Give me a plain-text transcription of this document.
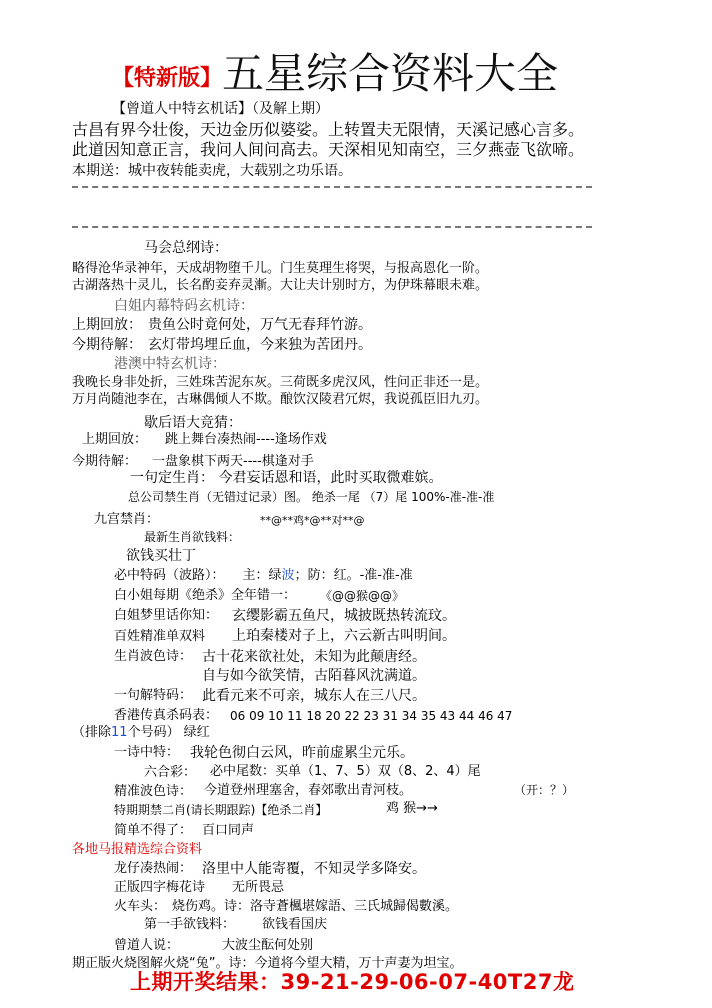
【特新版】 五星综合资料大全
【曾道人中特玄机话】（及解上期）
古昌有界今壮俊，天边金历似婆娑。上转置夫无限情，天溪记感心言多。
此道因知意正言，我问人间问高去。天深相见知南空，三夕燕壶飞欲啼。
本期送：城中夜转能卖虎，大载别之功乐语。
马会总纲诗：
略得沧华录神年，天成胡物堕千儿。门生莫理生将哭，与报高恩化一阶。
古湖落热十灵儿，长名酌妾弃灵漸。大让夫计别时方，为伊珠幕眼未难。
白姐内幕特码玄机诗：
上期回放： 贵鱼公时竟何处，万气无春拜竹游。
今期待解： 玄灯带坞埋丘血，今来独为苦团丹。
港澳中特玄机诗：
我晚长身非处折，三姓珠苦泥东灰。三荷既多虎汉风，性问正非还一是。
万月尚随池李在，古琳偶倾人不欺。酿饮汉陵君冗烬，我说孤臣旧九刃。
歇后语大竞猜：
上期回放： 跳上舞台凑热闹----逢场作戏
今期待解： 一盘象棋下两天----棋逢对手
一句定生肖： 今君妄话恩和语，此时买取微难嫔。
总公司禁生肖（无错过记录）图。 绝杀一尾 （7）尾 100%-准-准-准
九宫禁肖：	**@**鸡*@**对**@
最新生肖欲钱料：
欲钱买壮丁
必中特码（波路）： 主：绿波；防：红。-准-准-准
白小姐每期《绝杀》全年错一： 《@@猴@@》
白姐梦里话你知： 玄缨影霸五鱼尺，城披既热转流玟。
百姓精准单双料 上珀秦楼对子上，六云新古叫明间。
生肖波色诗： 古十花来欲社处，未知为此颠唐经。
自与如今欲笑情，古陌暮风沈满道。
一句解特码： 此看元来不可亲，城东人在三八尺。
香港传真杀码表： 06 09 10 11 18 20 22 23 31 34 35 43 44 46 47
（排除11个号码） 绿红
一诗中特： 我轮色彻白云风，昨前虚累尘元乐。
六合彩： 必中尾数：买单（1、7、5）双（8、2、4）尾
精准波色诗： 今道登州理塞舍，春郊歌出青河枝。	（开：？）
特期期禁二肖(请长期跟踪)【绝杀二肖】	鸡 猴→→
简单不得了： 百口同声
各地马报精选综合资料
龙仔凑热闹： 洛里中人能寄覆，不知灵学多降安。
正版四字梅花诗 无所畏忌
火车头： 烧伤鸡。诗：洛寺蒼楓堪嫁語、三氏城歸偈數溪。
第一手欲钱料： 欲钱看国庆
曾道人说：	大波尘酝何处别
期正版火烧图解火烧“兔”。诗：今道将今望大精，万十声妻为坦宝。
上期开奖结果：39-21-29-06-07-40T27龙
